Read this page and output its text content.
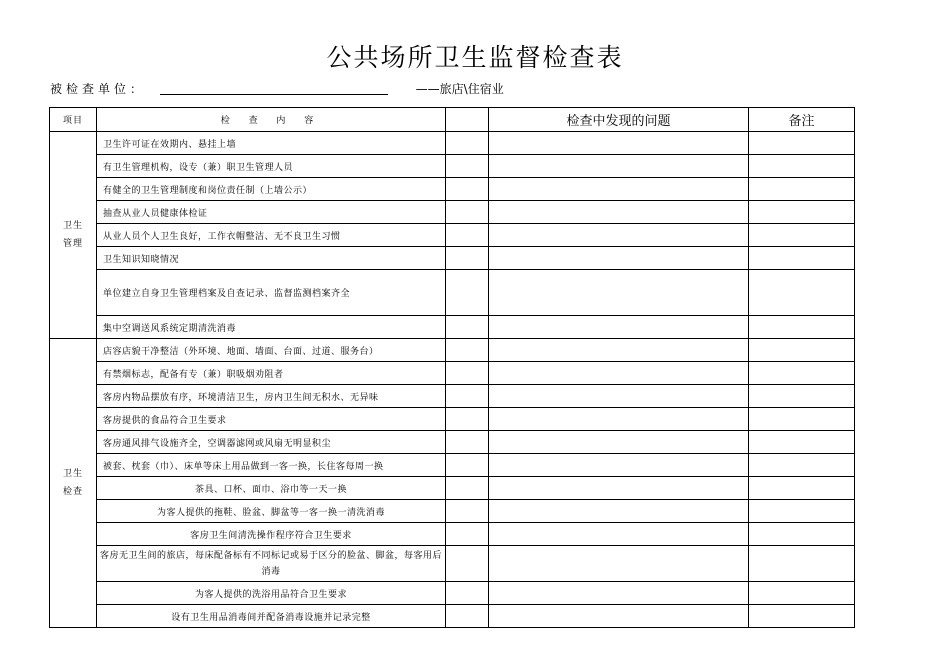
公共场所卫生监督检查表
被检查单位：	——旅店\住宿业
项目	检 查 内 容		检查中发现的问题	备注
卫生
管理	卫生许可证在效期内、悬挂上墙			
	有卫生管理机构，设专（兼）职卫生管理人员			
	有健全的卫生管理制度和岗位责任制（上墙公示）			
	抽查从业人员健康体检证			
	从业人员个人卫生良好，工作衣帽整洁、无不良卫生习惯			
	卫生知识知晓情况			
	单位建立自身卫生管理档案及自查记录、监督监测档案齐全			
	集中空调送风系统定期清洗消毒			
卫生
检查	店容店貌干净整洁（外环境、地面、墙面、台面、过道、服务台）			
	有禁烟标志，配备有专（兼）职吸烟劝阻者			
	客房内物品摆放有序，环境清洁卫生，房内卫生间无积水、无异味			
	客房提供的食品符合卫生要求			
	客房通风排气设施齐全，空调器滤网或风扇无明显积尘			
	被套、枕套（巾）、床单等床上用品做到一客一换，长住客每周一换			
	茶具、口杯、面巾、浴巾等一天一换			
	为客人提供的拖鞋、脸盆、脚盆等一客一换一清洗消毒			
	客房卫生间清洗操作程序符合卫生要求			
	客房无卫生间的旅店，每床配备标有不同标记或易于区分的脸盆、脚盆，每客用后消毒			
	为客人提供的洗浴用品符合卫生要求			
	设有卫生用品消毒间并配备消毒设施并记录完整			
